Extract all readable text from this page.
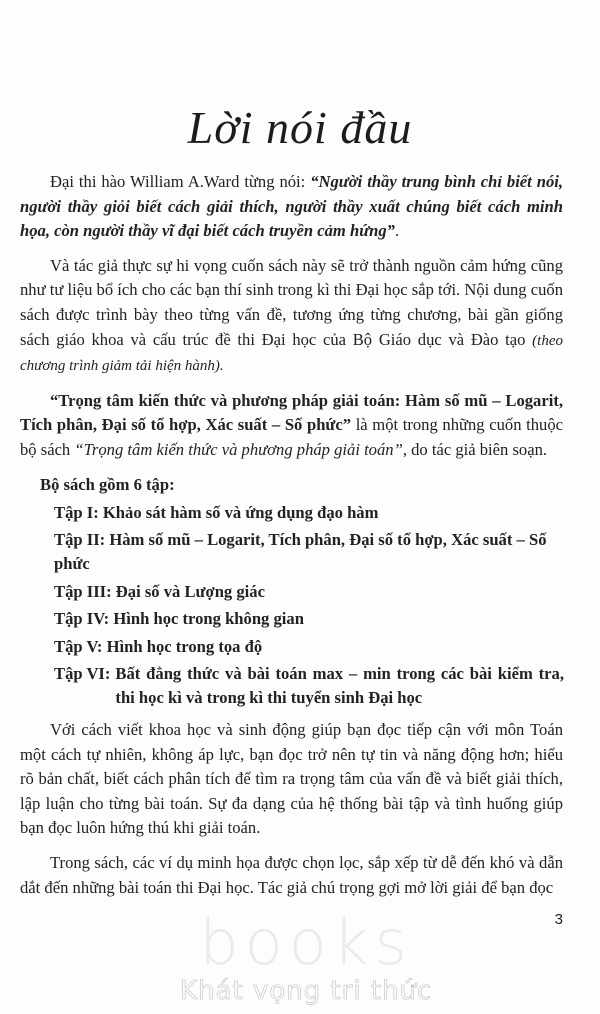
Lời nói đầu

Đại thi hào William A.Ward từng nói: “Người thầy trung bình chỉ biết nói, người thầy giỏi biết cách giải thích, người thầy xuất chúng biết cách minh họa, còn người thầy vĩ đại biết cách truyền cảm hứng”.

Và tác giả thực sự hi vọng cuốn sách này sẽ trở thành nguồn cảm hứng cũng như tư liệu bổ ích cho các bạn thí sinh trong kì thi Đại học sắp tới. Nội dung cuốn sách được trình bày theo từng vấn đề, tương ứng từng chương, bài gần giống sách giáo khoa và cấu trúc đề thi Đại học của Bộ Giáo dục và Đào tạo (theo chương trình giảm tải hiện hành).

“Trọng tâm kiến thức và phương pháp giải toán: Hàm số mũ – Logarit, Tích phân, Đại số tổ hợp, Xác suất – Số phức” là một trong những cuốn thuộc bộ sách “Trọng tâm kiến thức và phương pháp giải toán”, do tác giả biên soạn.

Bộ sách gồm 6 tập:
Tập I: Khảo sát hàm số và ứng dụng đạo hàm
Tập II: Hàm số mũ – Logarit, Tích phân, Đại số tổ hợp, Xác suất – Số phức
Tập III: Đại số và Lượng giác
Tập IV: Hình học trong không gian
Tập V: Hình học trong tọa độ
Tập VI: Bất đẳng thức và bài toán max – min trong các bài kiểm tra, thi học kì và trong kì thi tuyển sinh Đại học

Với cách viết khoa học và sinh động giúp bạn đọc tiếp cận với môn Toán một cách tự nhiên, không áp lực, bạn đọc trở nên tự tin và năng động hơn; hiểu rõ bản chất, biết cách phân tích để tìm ra trọng tâm của vấn đề và biết giải thích, lập luận cho từng bài toán. Sự đa dạng của hệ thống bài tập và tình huống giúp bạn đọc luôn hứng thú khi giải toán.

Trong sách, các ví dụ minh họa được chọn lọc, sắp xếp từ dễ đến khó và dẫn dắt đến những bài toán thi Đại học. Tác giả chú trọng gợi mở lời giải để bạn đọc

books
Khát vọng tri thức
3
